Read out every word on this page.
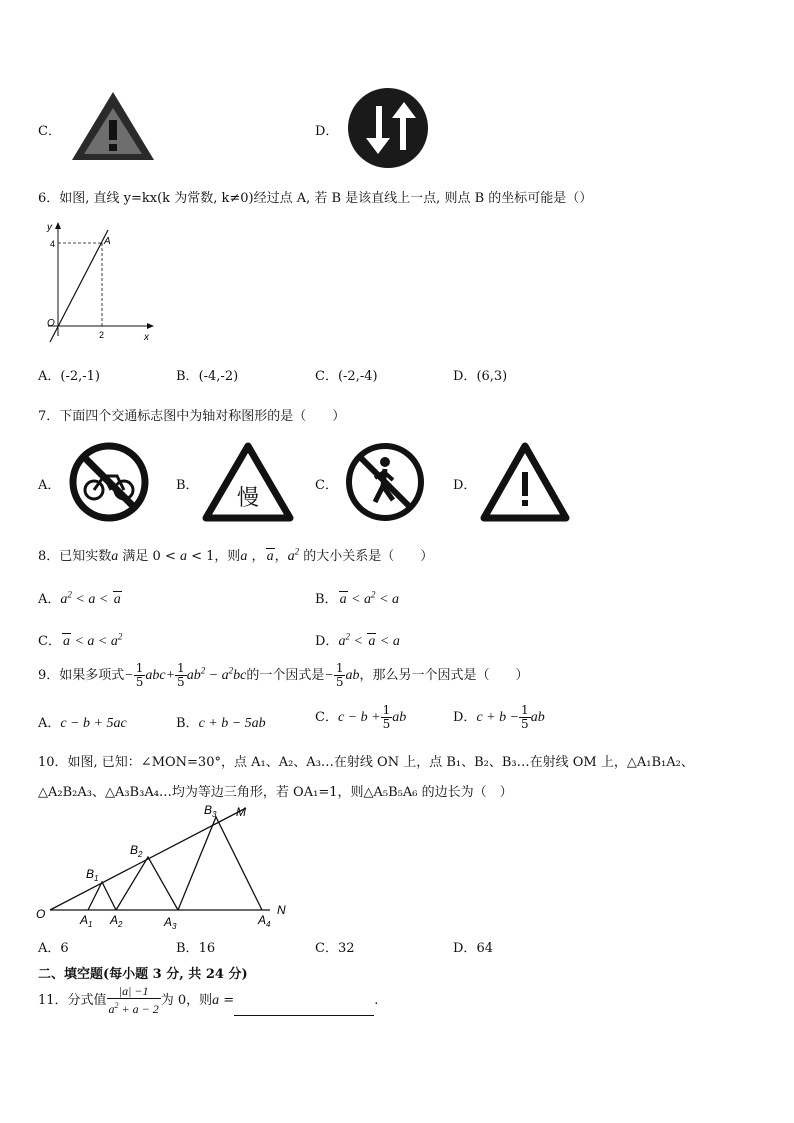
C．	D．
6．如图, 直线 y=kx(k 为常数, k≠0)经过点 A, 若 B 是该直线上一点, 则点 B 的坐标可能是（）
y
x
O
A
4
2
A．(-2,-1)	B．(-4,-2)	C．(-2,-4)	D．(6,3)
7．下面四个交通标志图中为轴对称图形的是（　　）
A．	B． 慢	C．	D．
8．已知实数a 满足 0 < a < 1，则a ， a，$a^2$ 的大小关系是（　　）
A．$a^2 < a < a$	B． $a < a^2 < a$
C． $a < a < a^2$	D．$a^2 < a < a$
9．如果多项式− $\frac{1}{5} abc+ \frac{1}{5} ab^2 - a^2bc$的一个因式是− $\frac{1}{5}$ ab，那么另一个因式是（　　）
A．c − b + 5ac	B．c + b − 5ab	C．$c - b + \frac{1}{5}$ ab	D．$c + b - \frac{1}{5}$ ab
10．如图, 已知：∠MON=30°，点 A₁、A₂、A₃…在射线 ON 上，点 B₁、B₂、B₃…在射线 OM 上，△A₁B₁A₂、
△A₂B₂A₃、△A₃B₃A₄…均为等边三角形，若 OA₁=1，则△A₅B₅A₆ 的边长为（　）
O
M
N
$A_1$ $A_2$	$A_3$	$A_4$
$B_1$
$B_2$
$B_3$
A．6	B．16	C．32	D．64
二、填空题(每小题 3 分, 共 24 分)
11．分式值 $\frac{|a| -1}{a^2 + a - 2}$ 为 0，则a =	.
